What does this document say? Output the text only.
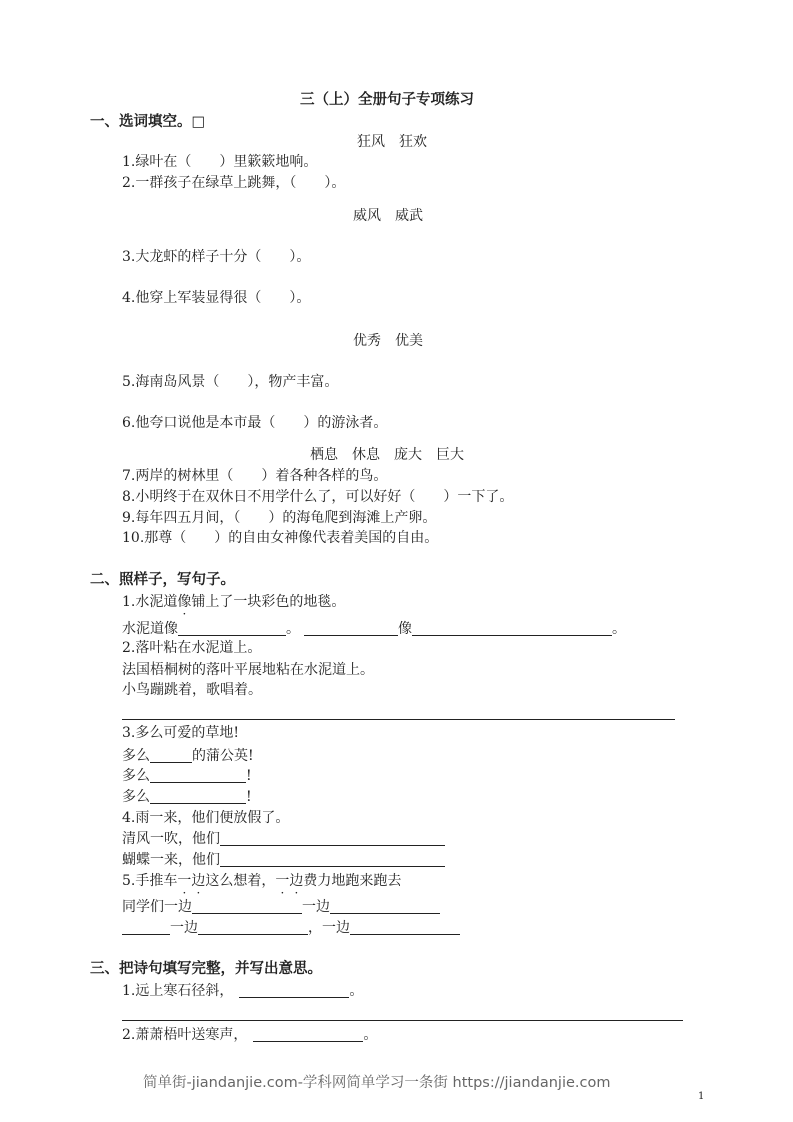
三（上）全册句子专项练习
一、选词填空。□
狂风　狂欢
1.绿叶在（　　）里簌簌地响。
2.一群孩子在绿草上跳舞，（　　）。
威风　威武
3.大龙虾的样子十分（　　）。
4.他穿上军装显得很（　　）。
优秀　优美
5.海南岛风景（　　），物产丰富。
6.他夸口说他是本市最（　　）的游泳者。
栖息　休息　庞大　巨大
7.两岸的树林里（　　）着各种各样的鸟。
8.小明终于在双休日不用学什么了，可以好好（　　）一下了。
9.每年四五月间，（　　）的海龟爬到海滩上产卵。
10.那尊（　　）的自由女神像代表着美国的自由。
二、照样子，写句子。
1.水泥道像铺上了一块彩色的地毯。
水泥道像	。	像	。
2.落叶粘在水泥道上。
法国梧桐树的落叶平展地粘在水泥道上。
小鸟蹦跳着，歌唱着。
3.多么可爱的草地!
多么	的蒲公英!
多么	!
多么	!
4.雨一来，他们便放假了。
清风一吹，他们
蝴蝶一来，他们
5.手推车一边这么想着，一边费力地跑来跑去
同学们一边	一边
一边	，一边
三、把诗句填写完整，并写出意思。
1.远上寒石径斜，	。
2.萧萧梧叶送寒声，	。
简单街-jiandanjie.com-学科网简单学习一条街 https://jiandanjie.com
1
